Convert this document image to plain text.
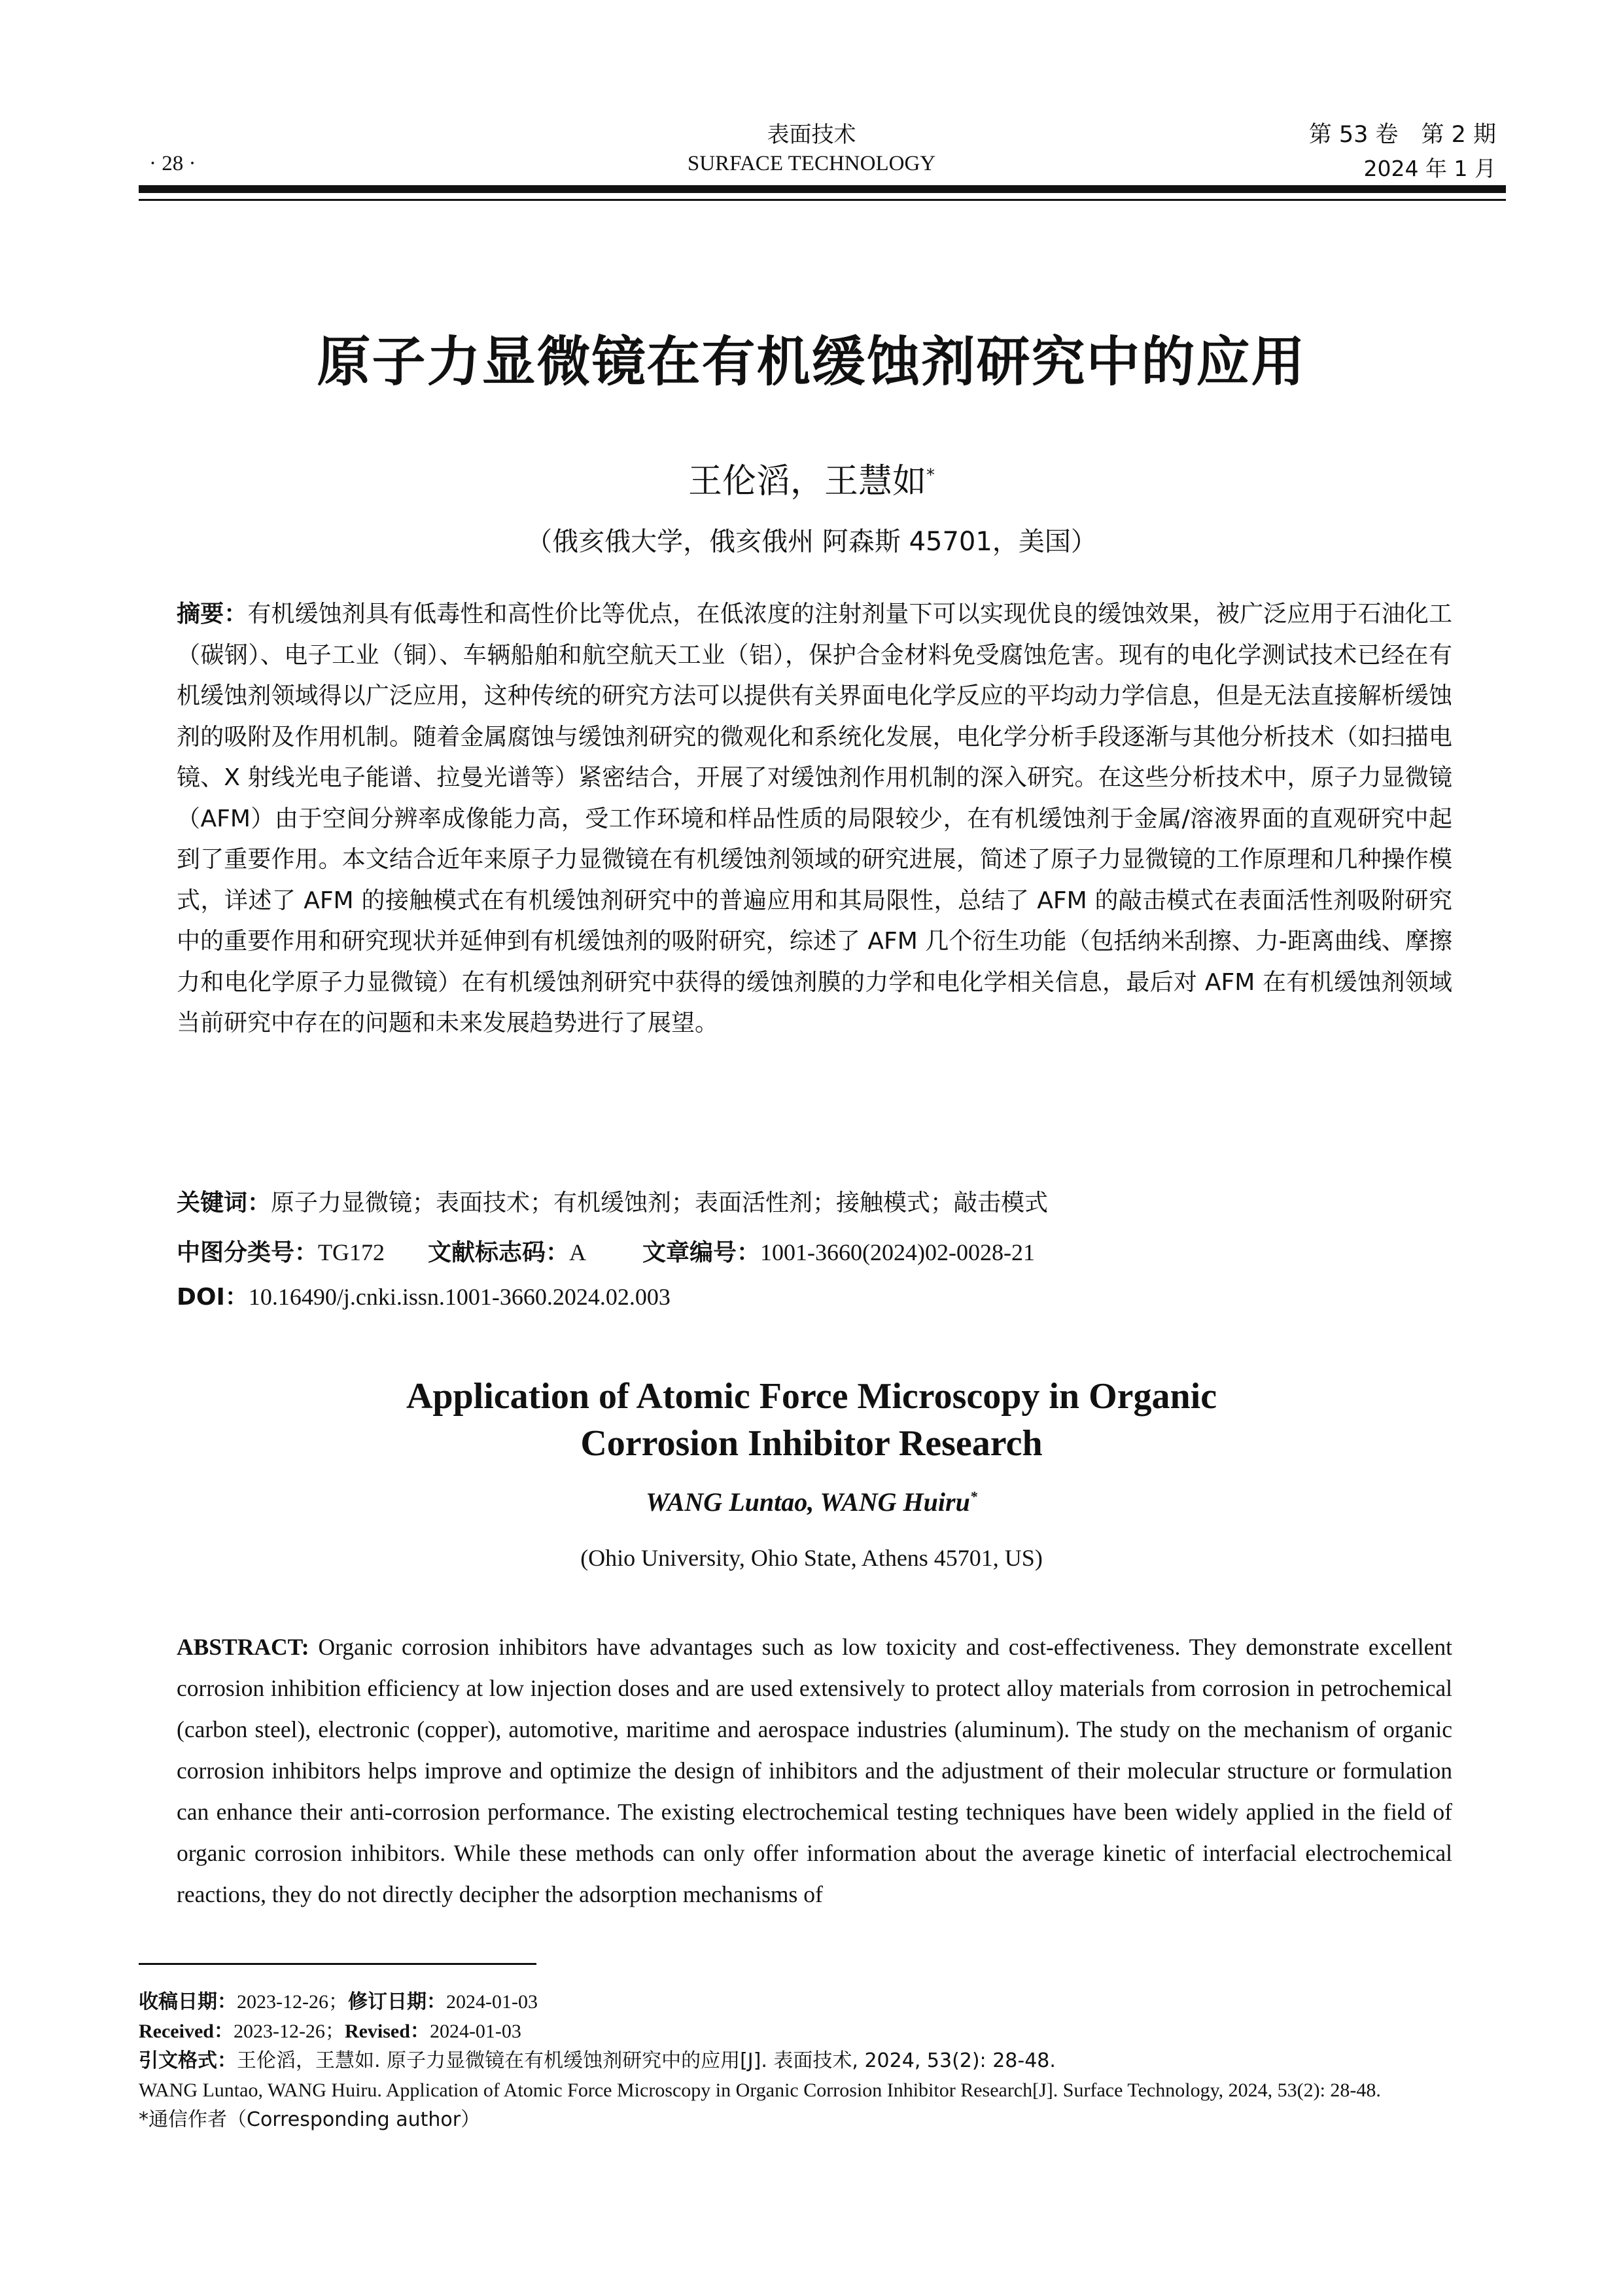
· 28 ·
表面技术
SURFACE TECHNOLOGY
第 53 卷　第 2 期
2024 年 1 月
原子力显微镜在有机缓蚀剂研究中的应用
王伦滔，王慧如*
（俄亥俄大学，俄亥俄州 阿森斯 45701，美国）
摘要：有机缓蚀剂具有低毒性和高性价比等优点，在低浓度的注射剂量下可以实现优良的缓蚀效果，被广泛应用于石油化工（碳钢）、电子工业（铜）、车辆船舶和航空航天工业（铝），保护合金材料免受腐蚀危害。现有的电化学测试技术已经在有机缓蚀剂领域得以广泛应用，这种传统的研究方法可以提供有关界面电化学反应的平均动力学信息，但是无法直接解析缓蚀剂的吸附及作用机制。随着金属腐蚀与缓蚀剂研究的微观化和系统化发展，电化学分析手段逐渐与其他分析技术（如扫描电镜、X 射线光电子能谱、拉曼光谱等）紧密结合，开展了对缓蚀剂作用机制的深入研究。在这些分析技术中，原子力显微镜（AFM）由于空间分辨率成像能力高，受工作环境和样品性质的局限较少，在有机缓蚀剂于金属/溶液界面的直观研究中起到了重要作用。本文结合近年来原子力显微镜在有机缓蚀剂领域的研究进展，简述了原子力显微镜的工作原理和几种操作模式，详述了 AFM 的接触模式在有机缓蚀剂研究中的普遍应用和其局限性，总结了 AFM 的敲击模式在表面活性剂吸附研究中的重要作用和研究现状并延伸到有机缓蚀剂的吸附研究，综述了 AFM 几个衍生功能（包括纳米刮擦、力-距离曲线、摩擦力和电化学原子力显微镜）在有机缓蚀剂研究中获得的缓蚀剂膜的力学和电化学相关信息，最后对 AFM 在有机缓蚀剂领域当前研究中存在的问题和未来发展趋势进行了展望。
关键词：原子力显微镜；表面技术；有机缓蚀剂；表面活性剂；接触模式；敲击模式
中图分类号：TG172 文献标志码：A 文章编号：1001-3660(2024)02-0028-21
DOI：10.16490/j.cnki.issn.1001-3660.2024.02.003
Application of Atomic Force Microscopy in Organic
Corrosion Inhibitor Research
WANG Luntao, WANG Huiru*
(Ohio University, Ohio State, Athens 45701, US)
ABSTRACT: Organic corrosion inhibitors have advantages such as low toxicity and cost-effectiveness. They demonstrate excellent corrosion inhibition efficiency at low injection doses and are used extensively to protect alloy materials from corrosion in petrochemical (carbon steel), electronic (copper), automotive, maritime and aerospace industries (aluminum). The study on the mechanism of organic corrosion inhibitors helps improve and optimize the design of inhibitors and the adjustment of their molecular structure or formulation can enhance their anti-corrosion performance. The existing electrochemical testing techniques have been widely applied in the field of organic corrosion inhibitors. While these methods can only offer information about the average kinetic of interfacial electrochemical reactions, they do not directly decipher the adsorption mechanisms of
收稿日期：2023-12-26；修订日期：2024-01-03
Received：2023-12-26；Revised：2024-01-03
引文格式：王伦滔，王慧如. 原子力显微镜在有机缓蚀剂研究中的应用[J]. 表面技术, 2024, 53(2): 28-48.
WANG Luntao, WANG Huiru. Application of Atomic Force Microscopy in Organic Corrosion Inhibitor Research[J]. Surface Technology, 2024, 53(2): 28-48.
*通信作者（Corresponding author）
